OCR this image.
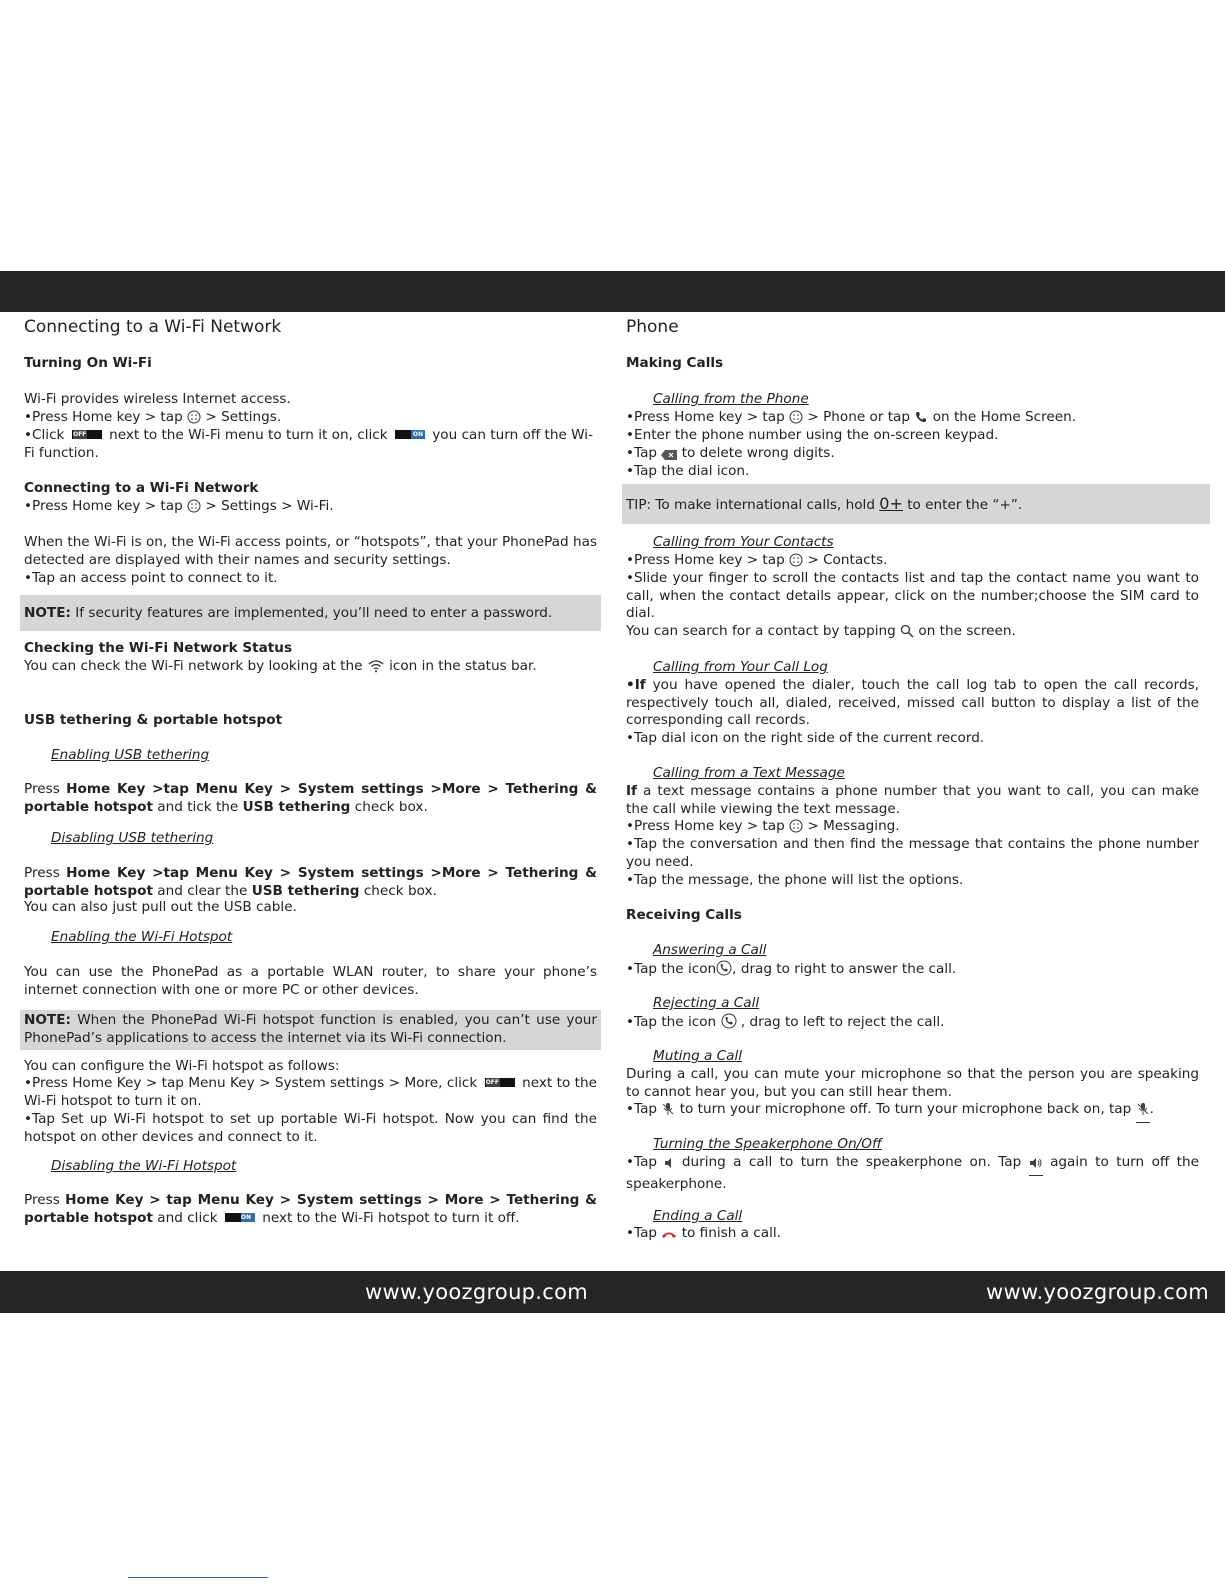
Connecting to a Wi-Fi Network
Turning On Wi-Fi
Wi-Fi provides wireless Internet access.
•Press Home key > tap > Settings.
•Click OFF next to the Wi-Fi menu to turn it on, click	ON you can turn off the Wi-Fi function.
Connecting to a Wi-Fi Network
•Press Home key > tap > Settings > Wi-Fi.
When the Wi-Fi is on, the Wi-Fi access points, or “hotspots”, that your PhonePad has detected are displayed with their names and security settings.
•Tap an access point to connect to it.
NOTE: If security features are implemented, you’ll need to enter a password.
Checking the Wi-Fi Network Status
You can check the Wi-Fi network by looking at the icon in the status bar.
USB tethering & portable hotspot
Enabling USB tethering
Press Home Key >tap Menu Key > System settings >More > Tethering & portable hotspot and tick the USB tethering check box.
Disabling USB tethering
Press Home Key >tap Menu Key > System settings >More > Tethering & portable hotspot and clear the USB tethering check box.
You can also just pull out the USB cable.
Enabling the Wi-Fi Hotspot
You can use the PhonePad as a portable WLAN router, to share your phone’s internet connection with one or more PC or other devices.
NOTE: When the PhonePad Wi-Fi hotspot function is enabled, you can’t use your PhonePad’s applications to access the internet via its Wi-Fi connection.
You can configure the Wi-Fi hotspot as follows:
•Press Home Key > tap Menu Key > System settings > More, click OFF next to the Wi-Fi hotspot to turn it on.
•Tap Set up Wi-Fi hotspot to set up portable Wi-Fi hotspot. Now you can find the hotspot on other devices and connect to it.
Disabling the Wi-Fi Hotspot
Press Home Key > tap Menu Key > System settings > More > Tethering & portable hotspot and click	ON next to the Wi-Fi hotspot to turn it off.
Phone
Making Calls
Calling from the Phone
•Press Home key > tap > Phone or tap on the Home Screen.
•Enter the phone number using the on-screen keypad.
•Tap to delete wrong digits.
•Tap the dial icon.
TIP: To make international calls, hold 0+ to enter the “+”.
Calling from Your Contacts
•Press Home key > tap > Contacts.
•Slide your finger to scroll the contacts list and tap the contact name you want to call, when the contact details appear, click on the number;choose the SIM card to dial.
You can search for a contact by tapping on the screen.
Calling from Your Call Log
•If you have opened the dialer, touch the call log tab to open the call records, respectively touch all, dialed, received, missed call button to display a list of the corresponding call records.
•Tap dial icon on the right side of the current record.
Calling from a Text Message
If a text message contains a phone number that you want to call, you can make the call while viewing the text message.
•Press Home key > tap > Messaging.
•Tap the conversation and then find the message that contains the phone number you need.
•Tap the message, the phone will list the options.
Receiving Calls
Answering a Call
•Tap the icon , drag to right to answer the call.
Rejecting a Call
•Tap the icon , drag to left to reject the call.
Muting a Call
During a call, you can mute your microphone so that the person you are speaking to cannot hear you, but you can still hear them.
•Tap to turn your microphone off. To turn your microphone back on, tap .
Turning the Speakerphone On/Off
•Tap during a call to turn the speakerphone on. Tap again to turn off the speakerphone.
Ending a Call
•Tap to finish a call.
www.yoozgroup.com	www.yoozgroup.com
